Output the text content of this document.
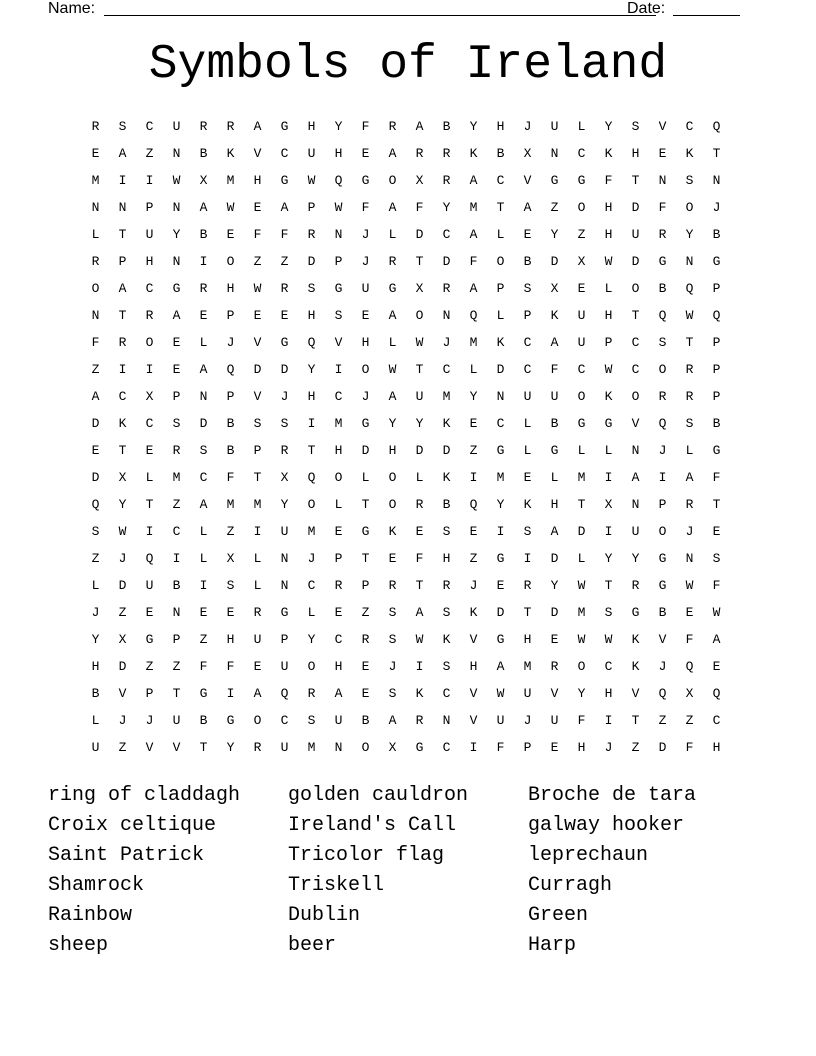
Name:	Date:
Symbols of Ireland
R	S	C	U	R	R	A	G	H	Y	F	R	A	B	Y	H	J	U	L	Y	S	V	C	Q
E	A	Z	N	B	K	V	C	U	H	E	A	R	R	K	B	X	N	C	K	H	E	K	T
M	I	I	W	X	M	H	G	W	Q	G	O	X	R	A	C	V	G	G	F	T	N	S	N
N	N	P	N	A	W	E	A	P	W	F	A	F	Y	M	T	A	Z	O	H	D	F	O	J
L	T	U	Y	B	E	F	F	R	N	J	L	D	C	A	L	E	Y	Z	H	U	R	Y	B
R	P	H	N	I	O	Z	Z	D	P	J	R	T	D	F	O	B	D	X	W	D	G	N	G
O	A	C	G	R	H	W	R	S	G	U	G	X	R	A	P	S	X	E	L	O	B	Q	P
N	T	R	A	E	P	E	E	H	S	E	A	O	N	Q	L	P	K	U	H	T	Q	W	Q
F	R	O	E	L	J	V	G	Q	V	H	L	W	J	M	K	C	A	U	P	C	S	T	P
Z	I	I	E	A	Q	D	D	Y	I	O	W	T	C	L	D	C	F	C	W	C	O	R	P
A	C	X	P	N	P	V	J	H	C	J	A	U	M	Y	N	U	U	O	K	O	R	R	P
D	K	C	S	D	B	S	S	I	M	G	Y	Y	K	E	C	L	B	G	G	V	Q	S	B
E	T	E	R	S	B	P	R	T	H	D	H	D	D	Z	G	L	G	L	L	N	J	L	G
D	X	L	M	C	F	T	X	Q	O	L	O	L	K	I	M	E	L	M	I	A	I	A	F
Q	Y	T	Z	A	M	M	Y	O	L	T	O	R	B	Q	Y	K	H	T	X	N	P	R	T
S	W	I	C	L	Z	I	U	M	E	G	K	E	S	E	I	S	A	D	I	U	O	J	E
Z	J	Q	I	L	X	L	N	J	P	T	E	F	H	Z	G	I	D	L	Y	Y	G	N	S
L	D	U	B	I	S	L	N	C	R	P	R	T	R	J	E	R	Y	W	T	R	G	W	F
J	Z	E	N	E	E	R	G	L	E	Z	S	A	S	K	D	T	D	M	S	G	B	E	W
Y	X	G	P	Z	H	U	P	Y	C	R	S	W	K	V	G	H	E	W	W	K	V	F	A
H	D	Z	Z	F	F	E	U	O	H	E	J	I	S	H	A	M	R	O	C	K	J	Q	E
B	V	P	T	G	I	A	Q	R	A	E	S	K	C	V	W	U	V	Y	H	V	Q	X	Q
L	J	J	U	B	G	O	C	S	U	B	A	R	N	V	U	J	U	F	I	T	Z	Z	C
U	Z	V	V	T	Y	R	U	M	N	O	X	G	C	I	F	P	E	H	J	Z	D	F	H
ring of claddagh	golden cauldron	Broche de tara
Croix celtique	Ireland's Call	galway hooker
Saint Patrick	Tricolor flag	leprechaun
Shamrock	Triskell	Curragh
Rainbow	Dublin	Green
sheep	beer	Harp
